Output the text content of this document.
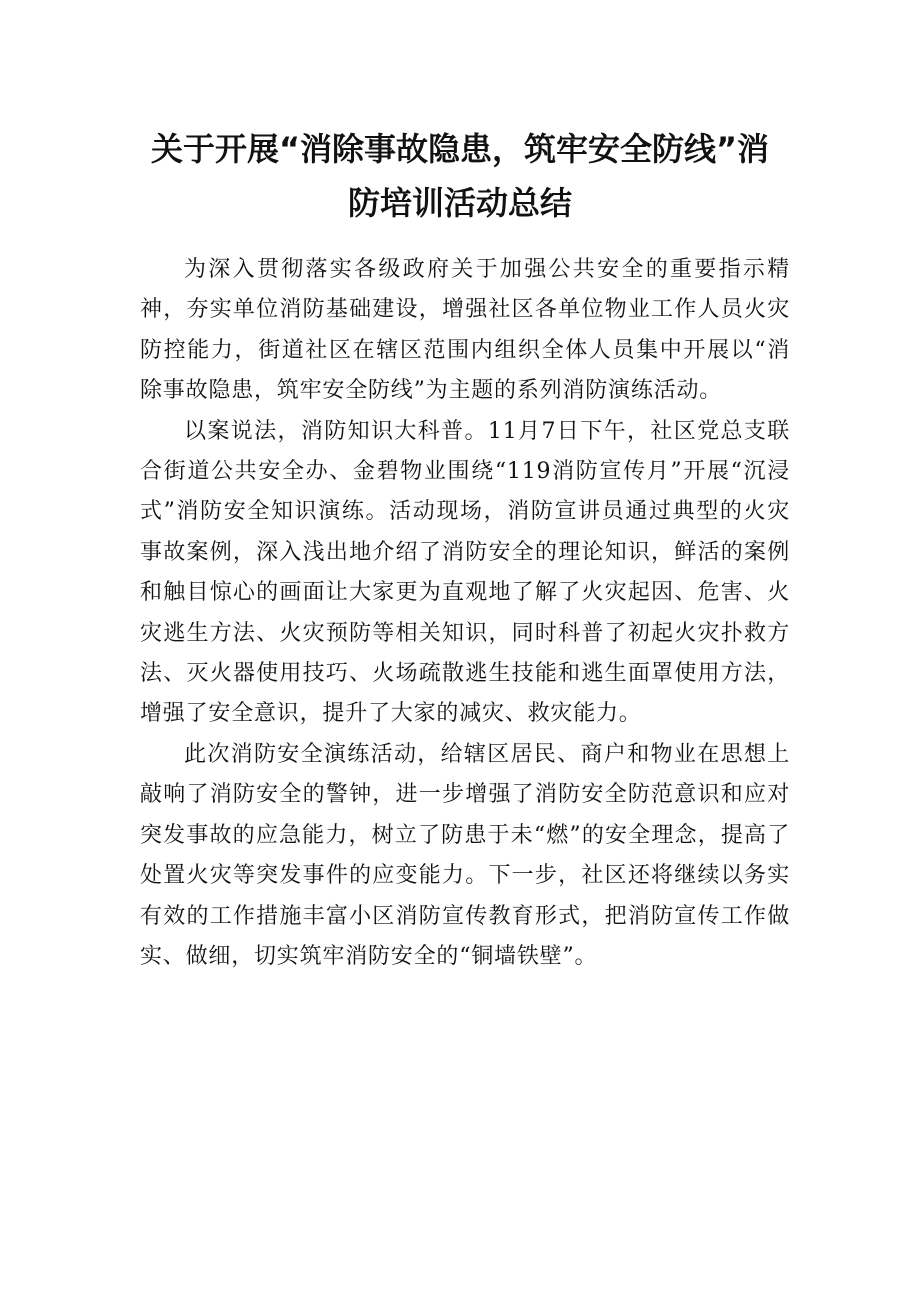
关于开展“消除事故隐患，筑牢安全防线”消
防培训活动总结

为深入贯彻落实各级政府关于加强公共安全的重要指示精神，夯实单位消防基础建设，增强社区各单位物业工作人员火灾防控能力，街道社区在辖区范围内组织全体人员集中开展以“消除事故隐患，筑牢安全防线”为主题的系列消防演练活动。

以案说法，消防知识大科普。11月7日下午，社区党总支联合街道公共安全办、金碧物业围绕“119消防宣传月”开展“沉浸式”消防安全知识演练。活动现场，消防宣讲员通过典型的火灾事故案例，深入浅出地介绍了消防安全的理论知识，鲜活的案例和触目惊心的画面让大家更为直观地了解了火灾起因、危害、火灾逃生方法、火灾预防等相关知识，同时科普了初起火灾扑救方法、灭火器使用技巧、火场疏散逃生技能和逃生面罩使用方法，增强了安全意识，提升了大家的减灾、救灾能力。

此次消防安全演练活动，给辖区居民、商户和物业在思想上敲响了消防安全的警钟，进一步增强了消防安全防范意识和应对突发事故的应急能力，树立了防患于未“燃”的安全理念，提高了处置火灾等突发事件的应变能力。下一步，社区还将继续以务实有效的工作措施丰富小区消防宣传教育形式，把消防宣传工作做实、做细，切实筑牢消防安全的“铜墙铁壁”。
